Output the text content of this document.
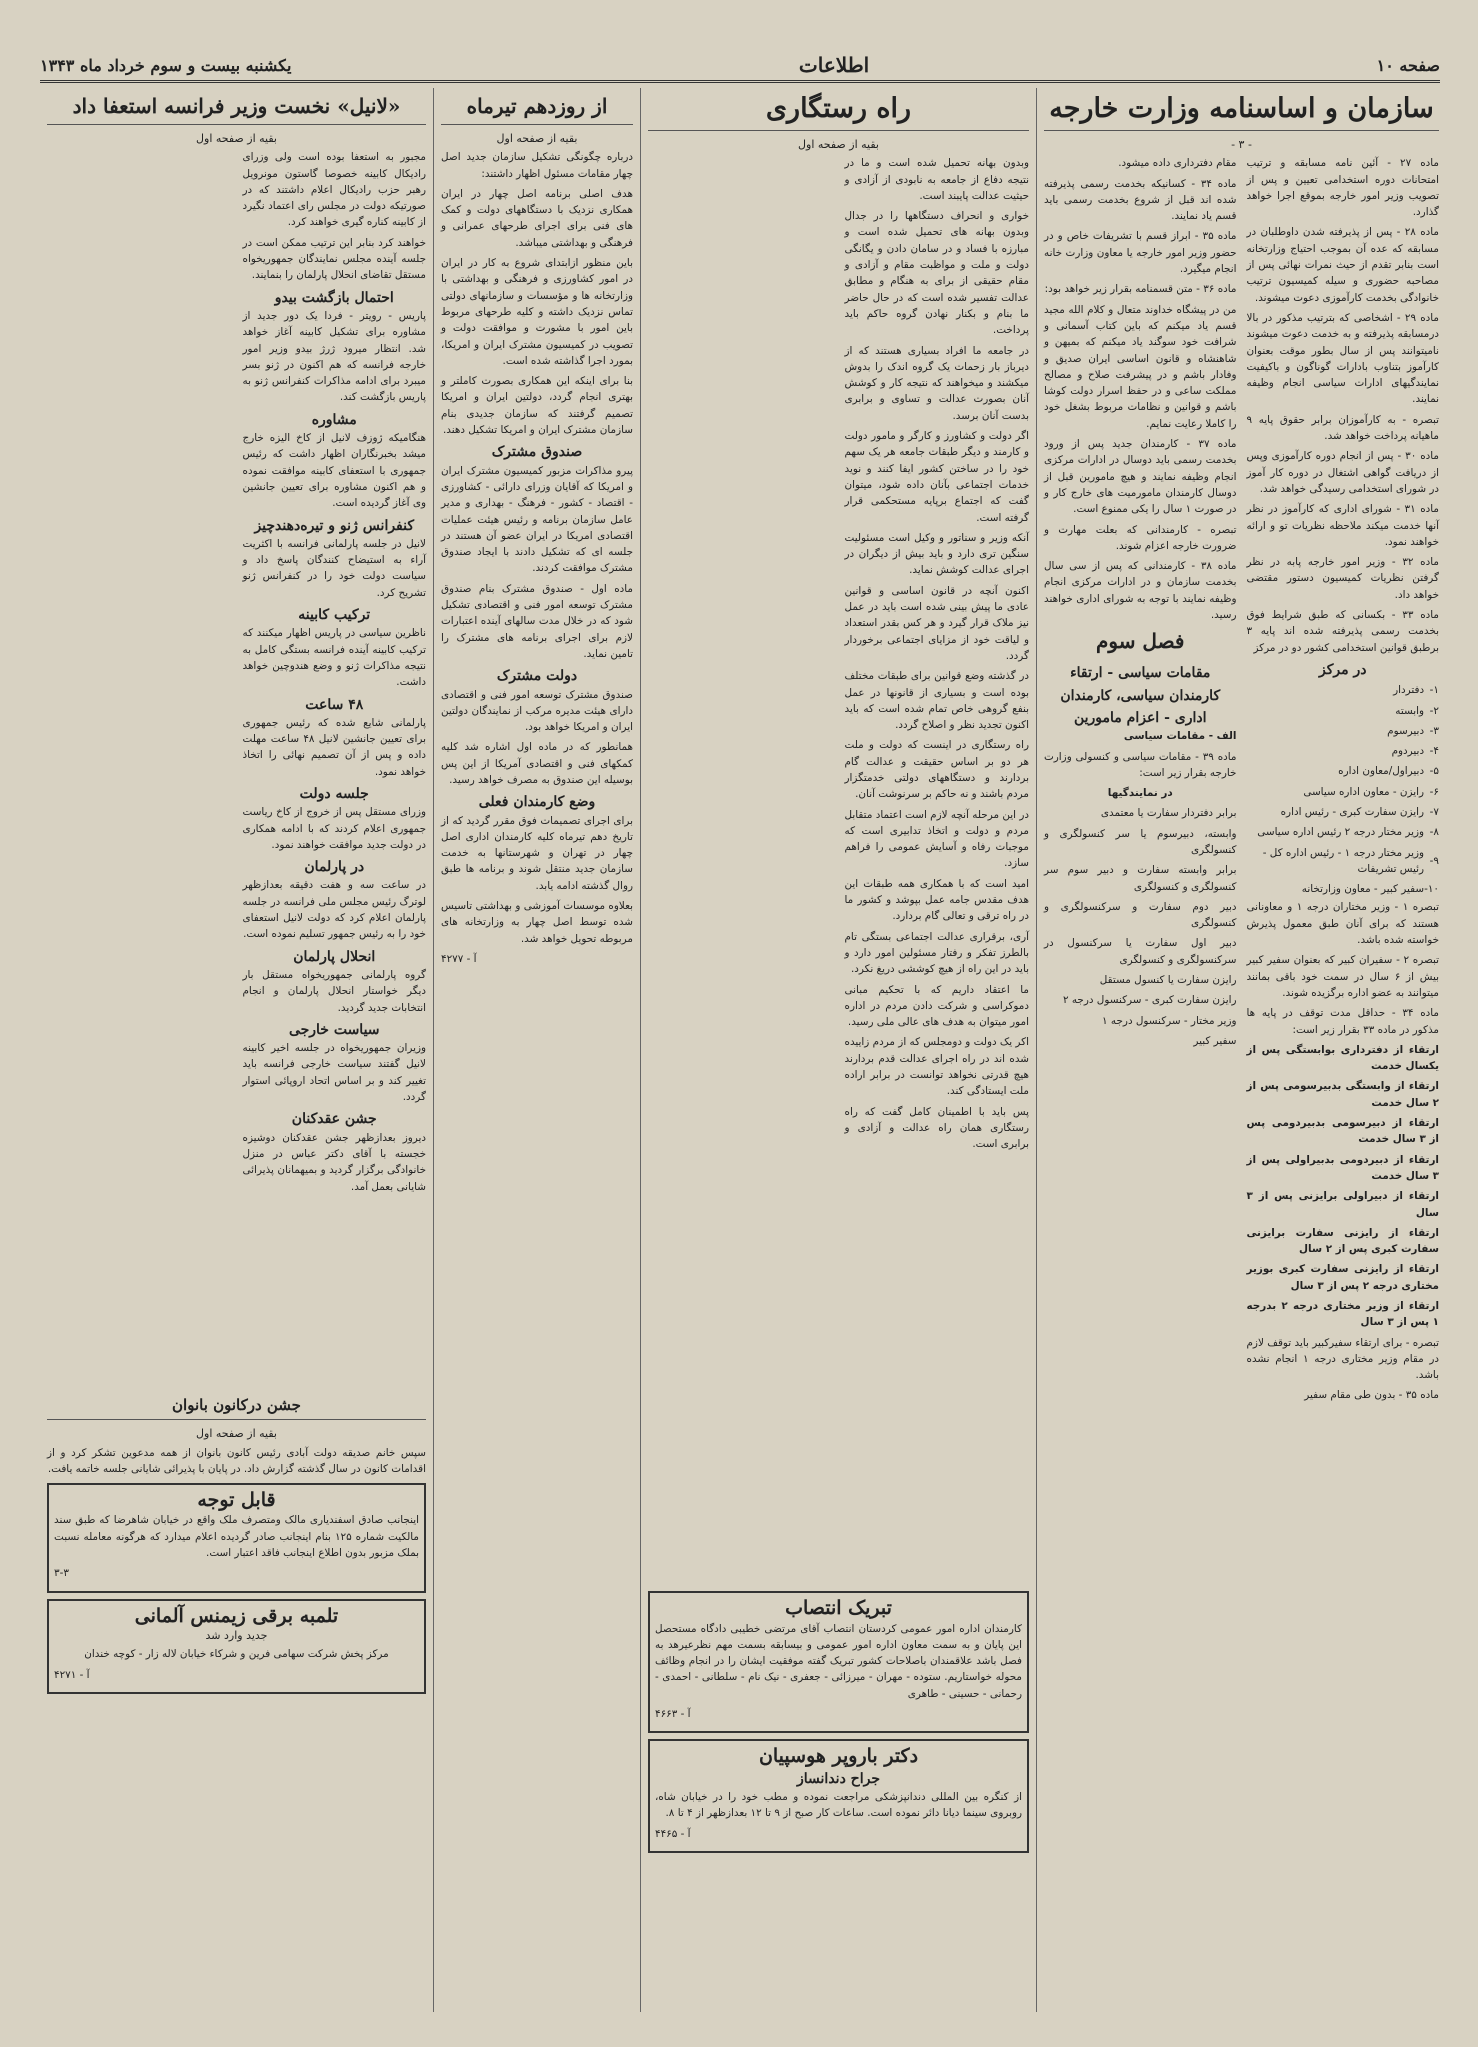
صفحه ۱۰
اطلاعات
یکشنبه بیست و سوم خرداد ماه ۱۳۴۳
سازمان و اساسنامه وزارت خارجه
- ۳ -

ماده ۲۷ - آئین نامه مسابقه و ترتیب امتحانات دوره استخدامی تعیین و پس از تصویب وزیر امور خارجه بموقع اجرا خواهد گذارد.

ماده ۲۸ - پس از پذیرفته شدن داوطلبان در مسابقه که عده آن بموجب احتیاج وزارتخانه است بنابر تقدم از حیث نمرات نهائی پس از مصاحبه حضوری و سیله کمیسیون ترتیب خانوادگی بخدمت کارآموزی دعوت میشوند.

ماده ۲۹ - اشخاصی که بترتیب مذکور در بالا درمسابقه پذیرفته و به خدمت دعوت میشوند نامیتوانند پس از سال بطور موقت بعنوان کارآموز بتناوب بادارات گوناگون و باکیفیت نمایندگیهای ادارات سیاسی انجام وظیفه نمایند.

تبصره - به کارآموزان برابر حقوق پایه ۹ ماهیانه پرداخت خواهد شد.

ماده ۳۰ - پس از انجام دوره کارآموزی وپس از دریافت گواهی اشتغال در دوره کار آموز در شورای استخدامی رسیدگی خواهد شد.

ماده ۳۱ - شورای اداری که کارآموز در نظر آنها خدمت میکند ملاحظه نظریات تو و ارائه خواهند نمود.

ماده ۳۲ - وزیر امور خارجه پابه در نظر گرفتن نظریات کمیسیون دستور مقتضی خواهد داد.

ماده ۳۳ - بکسانی که طبق شرایط فوق بخدمت رسمی پذیرفته شده اند پایه ۳ برطبق قوانین استخدامی کشور دو در مرکز

در مرکز
۱-	دفتردار
۲-	وابسته
۳-	دبیرسوم
۴-	دبیردوم
۵-	دبیراول/معاون اداره
۶-	رایزن - معاون اداره سیاسی
۷-	رایزن سفارت کبری - رئیس اداره
۸-	وزیر مختار درجه ۲ رئیس اداره سیاسی
۹-	وزیر مختار درجه ۱ - رئیس اداره کل - رئیس تشریفات
۱۰-	سفیر کبیر - معاون وزارتخانه

تبصره ۱ - وزیر مختاران درجه ۱ و معاونانی هستند که برای آنان طبق معمول پذیرش خواسته شده باشد.

تبصره ۲ - سفیران کبیر که بعنوان سفیر کبیر بیش از ۶ سال در سمت خود باقی بمانند میتوانند به عضو اداره برگزیده شوند.

ماده ۳۴ - حداقل مدت توقف در پایه ها مذکور در ماده ۳۳ بقرار زیر است:

ارتقاء از دفترداری بوابستگی پس از یکسال خدمت

ارتقاء از وابستگی بدبیرسومی پس از ۲ سال خدمت

ارتقاء از دبیرسومی بدبیردومی پس از ۳ سال خدمت

ارتقاء از دبیردومی بدبیراولی پس از ۳ سال خدمت

ارتقاء از دبیراولی برایزنی پس از ۳ سال

ارتقاء از رایزنی سفارت برایزنی سفارت کبری پس از ۲ سال

ارتقاء از رایزنی سفارت کبری بوزیر مختاری درجه ۲ پس از ۳ سال

ارتقاء از وزیر مختاری درجه ۲ بدرجه ۱ پس از ۳ سال

تبصره - برای ارتقاء سفیرکبیر باید توقف لازم در مقام وزیر مختاری درجه ۱ انجام نشده باشد.

ماده ۳۵ - بدون طی مقام سفیر

مقام دفترداری داده میشود.

ماده ۳۴ - کسانیکه بخدمت رسمی پذیرفته شده اند قبل از شروع بخدمت رسمی باید قسم یاد نمایند.

ماده ۳۵ - ابراز قسم با تشریفات خاص و در حضور وزیر امور خارجه یا معاون وزارت خانه انجام میگیرد.

ماده ۳۶ - متن قسمنامه بقرار زیر خواهد بود:

من در پیشگاه خداوند متعال و کلام الله مجید قسم یاد میکنم که باین کتاب آسمانی و شرافت خود سوگند یاد میکنم که بمیهن و شاهنشاه و قانون اساسی ایران صدیق و وفادار باشم و در پیشرفت صلاح و مصالح مملکت ساعی و در حفظ اسرار دولت کوشا باشم و قوانین و نظامات مربوط بشغل خود را کاملا رعایت نمایم.

ماده ۳۷ - کارمندان جدید پس از ورود بخدمت رسمی باید دوسال در ادارات مرکزی انجام وظیفه نمایند و هیچ مامورین قبل از دوسال کارمندان مامورمیت های خارج کار و در صورت ۱ سال را یکی ممنوع است.

تبصره - کارمندانی که بعلت مهارت و ضرورت خارجه اعزام شوند.

ماده ۳۸ - کارمندانی که پس از سی سال بخدمت سازمان و در ادارات مرکزی انجام وظیفه نمایند با توجه به شورای اداری خواهند رسید.

فصل سوم
مقامات سیاسی - ارتقاء
کارمندان سیاسی، کارمندان
اداری - اعزام مامورین

الف - مقامات سیاسی

ماده ۳۹ - مقامات سیاسی و کنسولی وزارت خارجه بقرار زیر است:

در نمایندگیها

برابر دفتردار سفارت یا معتمدی

وابسته، دبیرسوم یا سر کنسولگری و کنسولگری

برابر وابسته سفارت و دبیر سوم سر کنسولگری و کنسولگری

دبیر دوم سفارت و سرکنسولگری و کنسولگری

دبیر اول سفارت یا سرکنسول در سرکنسولگری و کنسولگری

رایزن سفارت یا کنسول مستقل

رایزن سفارت کبری - سرکنسول درجه ۲

وزیر مختار - سرکنسول درجه ۱

سفیر کبیر

راه رستگاری
بقیه از صفحه اول

وبدون بهانه تحمیل شده است و ما در نتیجه دفاع از جامعه به نابودی از آزادی و حیثیت عدالت پایبند است.

خواری و انحراف دستگاهها را در جدال وبدون بهانه های تحمیل شده است و مبارزه با فساد و در سامان دادن و یگانگی دولت و ملت و مواظبت مقام و آزادی و مقام حقیقی از برای به هنگام و مطابق عدالت تفسیر شده است که در حال حاضر ما بنام و بکنار نهادن گروه حاکم باید پرداخت.

در جامعه ما افراد بسیاری هستند که از دیرباز بار زحمات یک گروه اندک را بدوش میکشند و میخواهند که نتیجه کار و کوشش آنان بصورت عدالت و تساوی و برابری بدست آنان برسد.

اگر دولت و کشاورز و کارگر و مامور دولت و کارمند و دیگر طبقات جامعه هر یک سهم خود را در ساختن کشور ایفا کنند و نوید خدمات اجتماعی بآنان داده شود، میتوان گفت که اجتماع برپایه مستحکمی قرار گرفته است.

آنکه وزیر و سناتور و وکیل است مسئولیت سنگین تری دارد و باید بیش از دیگران در اجرای عدالت کوشش نماید.

اکنون آنچه در قانون اساسی و قوانین عادی ما پیش بینی شده است باید در عمل نیز ملاک قرار گیرد و هر کس بقدر استعداد و لیاقت خود از مزایای اجتماعی برخوردار گردد.

در گذشته وضع قوانین برای طبقات مختلف بوده است و بسیاری از قانونها در عمل بنفع گروهی خاص تمام شده است که باید اکنون تجدید نظر و اصلاح گردد.

راه رستگاری در اینست که دولت و ملت هر دو بر اساس حقیقت و عدالت گام بردارند و دستگاههای دولتی خدمتگزار مردم باشند و نه حاکم بر سرنوشت آنان.

در این مرحله آنچه لازم است اعتماد متقابل مردم و دولت و اتخاذ تدابیری است که موجبات رفاه و آسایش عمومی را فراهم سازد.

امید است که با همکاری همه طبقات این هدف مقدس جامه عمل بپوشد و کشور ما در راه ترقی و تعالی گام بردارد.

آری، برقراری عدالت اجتماعی بستگی تام بالطرز تفکر و رفتار مسئولین امور دارد و باید در این راه از هیچ کوششی دریغ نکرد.

ما اعتقاد داریم که با تحکیم مبانی دموکراسی و شرکت دادن مردم در اداره امور میتوان به هدف های عالی ملی رسید.

اکر یک دولت و دومجلس که از مردم زاییده شده اند در راه اجرای عدالت قدم بردارند هیچ قدرتی نخواهد توانست در برابر اراده ملت ایستادگی کند.

پس باید با اطمینان کامل گفت که راه رستگاری همان راه عدالت و آزادی و برابری است.

تبریک انتصاب

کارمندان اداره امور عمومی کردستان انتصاب آقای مرتضی خطیبی دادگاه مستحصل این پایان و به سمت معاون اداره امور عمومی و بیسابقه بسمت مهم نظرعیرهد به فصل باشد علاقمندان باصلاحات کشور تبریک گفته موفقیت ایشان را در انجام وظائف محوله خواستاریم. ستوده - مهران - میرزائی - جعفری - نیک نام - سلطانی - احمدی - رحمانی - حسینی - طاهری

آ - ۴۶۶۳

دکتر باروپر هوسپیان
جراح دندانساز

از کنگره بین المللی دندانپزشکی مراجعت نموده و مطب خود را در خیابان شاه، روبروی سینما دیانا دائر نموده است. ساعات کار صبح از ۹ تا ۱۲ بعدازظهر از ۴ تا ۸.

آ - ۴۴۶۵

از روزدهم تیرماه
بقیه از صفحه اول

درباره چگونگی تشکیل سازمان جدید اصل چهار مقامات مسئول اظهار داشتند:

هدف اصلی برنامه اصل چهار در ایران همکاری نزدیک با دستگاههای دولت و کمک های فنی برای اجرای طرحهای عمرانی و فرهنگی و بهداشتی میباشد.

باین منظور ازابتدای شروع به کار در ایران در امور کشاورزی و فرهنگی و بهداشتی با وزارتخانه ها و مؤسسات و سازمانهای دولتی تماس نزدیک داشته و کلیه طرحهای مربوط باین امور با مشورت و موافقت دولت و تصویب در کمیسیون مشترک ایران و امریکا، بمورد اجرا گذاشته شده است.

بنا برای اینکه این همکاری بصورت کاملتر و بهتری انجام گردد، دولتین ایران و امریکا تصمیم گرفتند که سازمان جدیدی بنام سازمان مشترک ایران و امریکا تشکیل دهند.

صندوق مشترک

پیرو مذاکرات مزبور کمیسیون مشترک ایران و امریکا که آقایان وزرای دارائی - کشاورزی - اقتصاد - کشور - فرهنگ - بهداری و مدیر عامل سازمان برنامه و رئیس هیئت عملیات اقتصادی امریکا در ایران عضو آن هستند در جلسه ای که تشکیل دادند با ایجاد صندوق مشترک موافقت کردند.

ماده اول - صندوق مشترک بنام صندوق مشترک توسعه امور فنی و اقتصادی تشکیل شود که در خلال مدت سالهای آینده اعتبارات لازم برای اجرای برنامه های مشترک را تامین نماید.

دولت مشترک

صندوق مشترک توسعه امور فنی و اقتصادی دارای هیئت مدیره مرکب از نمایندگان دولتین ایران و امریکا خواهد بود.

همانطور که در ماده اول اشاره شد کلیه کمکهای فنی و اقتصادی آمریکا از این پس بوسیله این صندوق به مصرف خواهد رسید.

وضع کارمندان فعلی

برای اجرای تصمیمات فوق مقرر گردید که از تاریخ دهم تیرماه کلیه کارمندان اداری اصل چهار در تهران و شهرستانها به خدمت سازمان جدید منتقل شوند و برنامه ها طبق روال گذشته ادامه یابد.

بعلاوه موسسات آموزشی و بهداشتی تاسیس شده توسط اصل چهار به وزارتخانه های مربوطه تحویل خواهد شد.

آ - ۴۲۷۷

«لانیل» نخست وزیر فرانسه استعفا داد
بقیه از صفحه اول

مجبور به استعفا بوده است ولی وزرای رادیکال کابینه خصوصا گاستون مونرویل رهبر حزب رادیکال اعلام داشتند که در صورتیکه دولت در مجلس رای اعتماد نگیرد از کابینه کناره گیری خواهند کرد.

خواهند کرد بنابر این ترتیب ممکن است در جلسه آینده مجلس نمایندگان جمهوریخواه مستقل تقاضای انحلال پارلمان را بنمایند.

احتمال بازگشت بیدو

پاریس - رویتر - فردا یک دور جدید از مشاوره برای تشکیل کابینه آغاز خواهد شد. انتظار میرود ژرژ بیدو وزیر امور خارجه فرانسه که هم اکنون در ژنو بسر میبرد برای ادامه مذاکرات کنفرانس ژنو به پاریس بازگشت کند.

مشاوره

هنگامیکه ژوزف لانیل از کاخ الیزه خارج میشد بخبرنگاران اظهار داشت که رئیس جمهوری با استعفای کابینه موافقت نموده و هم اکنون مشاوره برای تعیین جانشین وی آغاز گردیده است.

کنفرانس ژنو و تیره‌دهندچیز

لانیل در جلسه پارلمانی فرانسه با اکثریت آراء به استیضاح کنندگان پاسخ داد و سیاست دولت خود را در کنفرانس ژنو تشریح کرد.

ترکیب کابینه

ناظرین سیاسی در پاریس اظهار میکنند که ترکیب کابینه آینده فرانسه بستگی کامل به نتیجه مذاکرات ژنو و وضع هندوچین خواهد داشت.

۴۸ ساعت

پارلمانی شایع شده که رئیس جمهوری برای تعیین جانشین لانیل ۴۸ ساعت مهلت داده و پس از آن تصمیم نهائی را اتخاذ خواهد نمود.

جلسه دولت

وزرای مستقل پس از خروج از کاخ ریاست جمهوری اعلام کردند که با ادامه همکاری در دولت جدید موافقت خواهند نمود.

در پارلمان

در ساعت سه و هفت دقیقه بعدازظهر لوترگ رئیس مجلس ملی فرانسه در جلسه پارلمان اعلام کرد که دولت لانیل استعفای خود را به رئیس جمهور تسلیم نموده است.

انحلال پارلمان

گروه پارلمانی جمهوریخواه مستقل بار دیگر خواستار انحلال پارلمان و انجام انتخابات جدید گردید.

سیاست خارجی

وزیران جمهوریخواه در جلسه اخیر کابینه لانیل گفتند سیاست خارجی فرانسه باید تغییر کند و بر اساس اتحاد اروپائی استوار گردد.

جشن عقدکنان

دیروز بعدازظهر جشن عقدکنان دوشیزه خجسته با آقای دکتر عباس در منزل خانوادگی برگزار گردید و بمیهمانان پذیرائی شایانی بعمل آمد.

جشن درکانون بانوان
بقیه از صفحه اول

سپس خانم صدیقه دولت آبادی رئیس کانون بانوان از همه مدعوین تشکر کرد و از اقدامات کانون در سال گذشته گزارش داد. در پایان با پذیرائی شایانی جلسه خاتمه یافت.

قابل توجه

اینجانب صادق اسفندیاری مالک ومتصرف ملک واقع در خیابان شاهرضا که طبق سند مالکیت شماره ۱۲۵ بنام اینجانب صادر گردیده اعلام میدارد که هرگونه معامله نسبت بملک مزبور بدون اطلاع اینجانب فاقد اعتبار است.

۳-۳

تلمبه برقی زیمنس آلمانی
جدید وارد شد

مرکز پخش شرکت سهامی فرین و شرکاء خیابان لاله زار - کوچه خندان

آ - ۴۲۷۱
